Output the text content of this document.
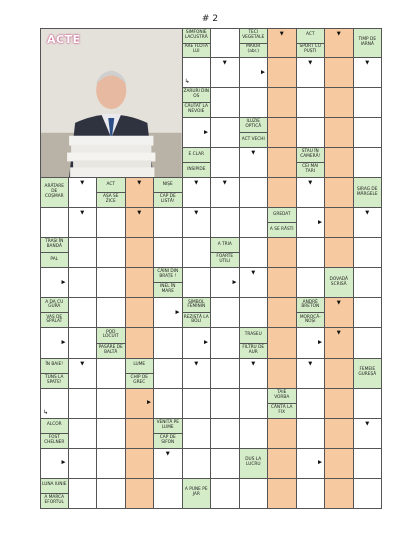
# 2
ACTE
SIMFONIE LACUSTRĂ
ARE FLOTA LUI
TECI VEGETALE
MAIOR (abr.)
▼	ACT
SPORT CU PUȘTI
▼
TIMP DE IARNĂ
↳
▼
▶
▼	▼
ZARURI DIN OS
CĂUTAT LA NEVOIE
▶
ILUZIE OPTICĂ
ACT VECHI
E CLAR
INSIPIDE
▼	STAU ÎN CAMERĂ!
CEI MAI TARI
ARĂTARE DE COȘMAR
▼	ACT
AȘA SE ZICE
▼	NIȘE
CAP DE LISTĂ!
▼	▼	▼
ȘIRAG DE MĂRGELE
▼	▼	▼	GREDAT
A SE RĂSTI
▶
▼
TRAȘI ÎN BANDĂ
PAL
A TRIA
FOARTE UTILI
▶
CĂINI DIN BRAȚE !
INEL ÎN MARE
▶
▼
DOVADĂ SCRISĂ
A DA CU GURA
VAS DE SPĂLAT
▶
SIMBOL FEMININ
REZISTĂ LA BOLI
ANDRÉ BRETON
MOROCĂ-NOȘI
▼
▶
POD LOCUIT
PASĂRE DE BALTĂ
▶
TRASEU
FILTRU DE AUR
▶
▼
ÎN BAIE!
TUNS LA SPATE!
▼	LUME
CHIP DE GREC
▼	▼	▼
FEMEIE GUREȘĂ
↳
▶
TAIE VORBA
CÂNTĂ LA FIX
ALCOR
FOST CHELNER
VENITĂ PE LUME
CAP DE SIFON
▼
▶
▼
DUS LA LUCRU	▶
LUNA IUNIE
A MARCA EFORTUL
A PUNE PE JAR
